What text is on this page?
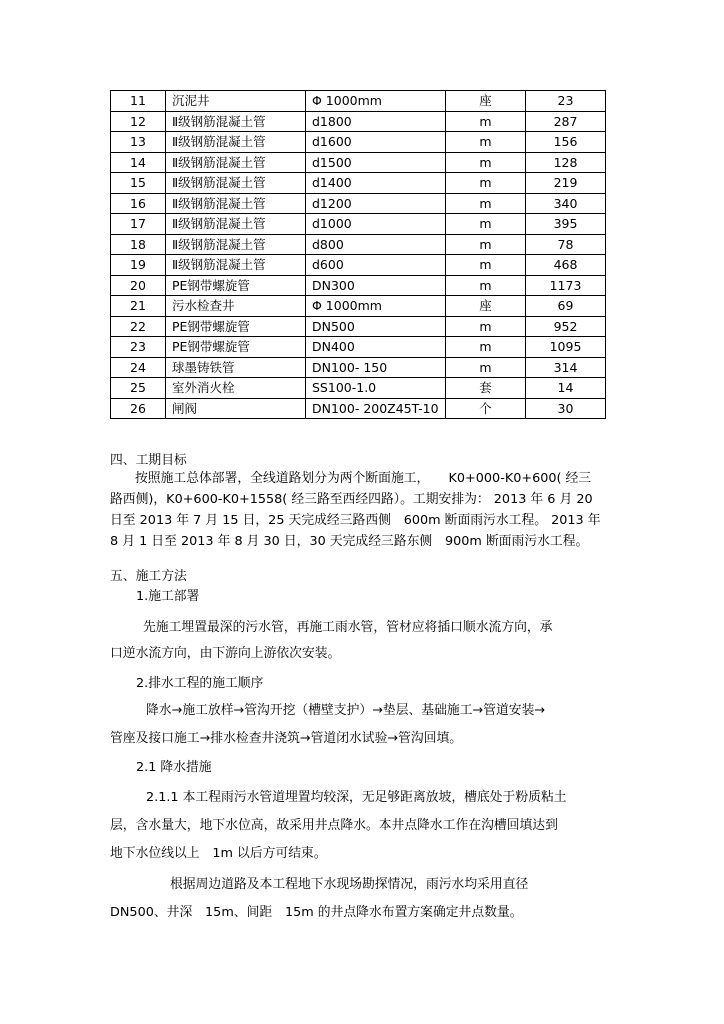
11	沉泥井	Φ 1000mm	座	23
12	Ⅱ级钢筋混凝土管	d1800	m	287
13	Ⅱ级钢筋混凝土管	d1600	m	156
14	Ⅱ级钢筋混凝土管	d1500	m	128
15	Ⅱ级钢筋混凝土管	d1400	m	219
16	Ⅱ级钢筋混凝土管	d1200	m	340
17	Ⅱ级钢筋混凝土管	d1000	m	395
18	Ⅱ级钢筋混凝土管	d800	m	78
19	Ⅱ级钢筋混凝土管	d600	m	468
20	PE钢带螺旋管	DN300	m	1173
21	污水检查井	Φ 1000mm	座	69
22	PE钢带螺旋管	DN500	m	952
23	PE钢带螺旋管	DN400	m	1095
24	球墨铸铁管	DN100- 150	m	314
25	室外消火栓	SS100-1.0	套	14
26	闸阀	DN100- 200Z45T-10	个	30
四、工期目标
按照施工总体部署，全线道路划分为两个断面施工，　　K0+000-K0+600( 经三
路西侧)，K0+600-K0+1558( 经三路至西经四路）。工期安排为： 2013 年 6 月 20
日至 2013 年 7 月 15 日，25 天完成经三路西侧　600m 断面雨污水工程。 2013 年
8 月 1 日至 2013 年 8 月 30 日，30 天完成经三路东侧　900m 断面雨污水工程。
五、施工方法
1.施工部署
先施工埋置最深的污水管，再施工雨水管，管材应将插口顺水流方向，承
口逆水流方向，由下游向上游依次安装。
2.排水工程的施工顺序
降水→施工放样→管沟开挖（槽壁支护）→垫层、基础施工→管道安装→
管座及接口施工→排水检查井浇筑→管道闭水试验→管沟回填。
2.1 降水措施
2.1.1 本工程雨污水管道埋置均较深，无足够距离放坡，槽底处于粉质粘土
层，含水量大，地下水位高，故采用井点降水。本井点降水工作在沟槽回填达到
地下水位线以上　1m 以后方可结束。
根据周边道路及本工程地下水现场勘探情况，雨污水均采用直径
DN500、井深　15m、间距　15m 的井点降水布置方案确定井点数量。
